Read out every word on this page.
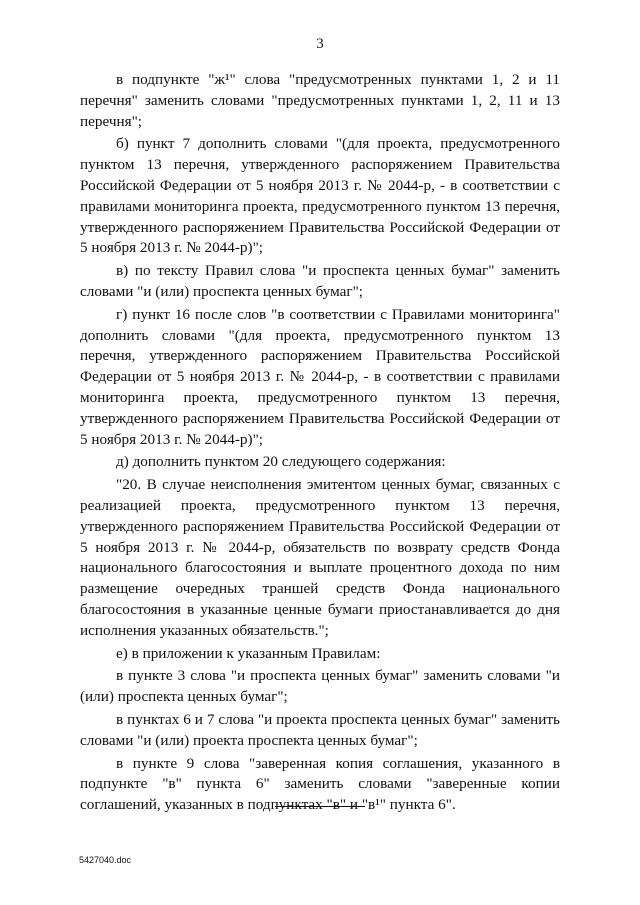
3

в подпункте "ж¹" слова "предусмотренных пунктами 1, 2 и 11 перечня" заменить словами "предусмотренных пунктами 1, 2, 11 и 13 перечня";

б) пункт 7 дополнить словами "(для проекта, предусмотренного пунктом 13 перечня, утвержденного распоряжением Правительства Российской Федерации от 5 ноября 2013 г. № 2044-р, - в соответствии с правилами мониторинга проекта, предусмотренного пунктом 13 перечня, утвержденного распоряжением Правительства Российской Федерации от 5 ноября 2013 г. № 2044-р)";

в) по тексту Правил слова "и проспекта ценных бумаг" заменить словами "и (или) проспекта ценных бумаг";

г) пункт 16 после слов "в соответствии с Правилами мониторинга" дополнить словами "(для проекта, предусмотренного пунктом 13 перечня, утвержденного распоряжением Правительства Российской Федерации от 5 ноября 2013 г. № 2044-р, - в соответствии с правилами мониторинга проекта, предусмотренного пунктом 13 перечня, утвержденного распоряжением Правительства Российской Федерации от 5 ноября 2013 г. № 2044-р)";

д) дополнить пунктом 20 следующего содержания:

"20. В случае неисполнения эмитентом ценных бумаг, связанных с реализацией проекта, предусмотренного пунктом 13 перечня, утвержденного распоряжением Правительства Российской Федерации от 5 ноября 2013 г. № 2044-р, обязательств по возврату средств Фонда национального благосостояния и выплате процентного дохода по ним размещение очередных траншей средств Фонда национального благосостояния в указанные ценные бумаги приостанавливается до дня исполнения указанных обязательств.";

е) в приложении к указанным Правилам:

в пункте 3 слова "и проспекта ценных бумаг" заменить словами "и (или) проспекта ценных бумаг";

в пунктах 6 и 7 слова "и проекта проспекта ценных бумаг" заменить словами "и (или) проекта проспекта ценных бумаг";

в пункте 9 слова "заверенная копия соглашения, указанного в подпункте "в" пункта 6" заменить словами "заверенные копии соглашений, указанных в подпунктах "в" и "в¹" пункта 6".

5427040.doc
